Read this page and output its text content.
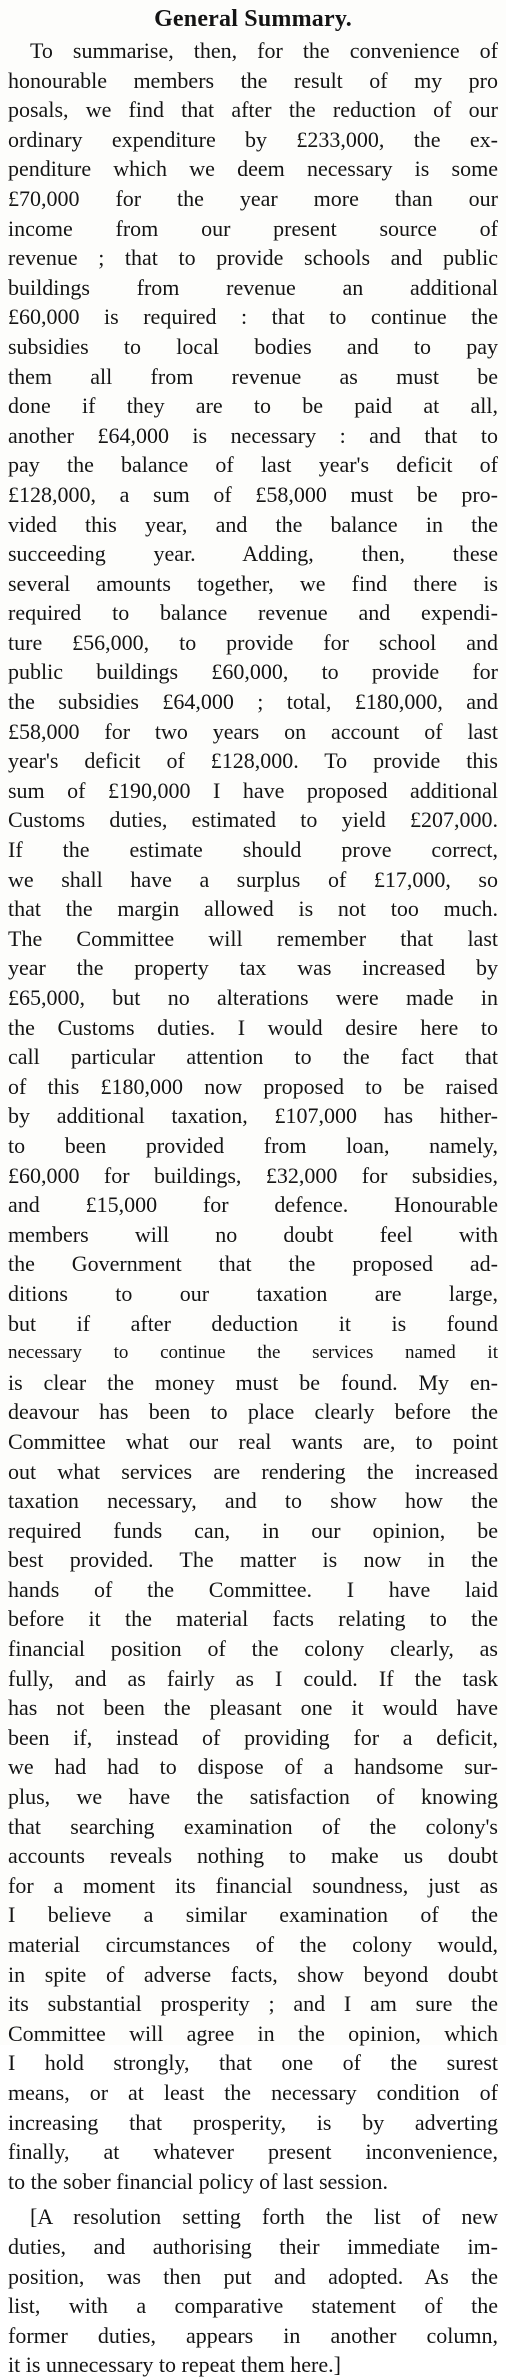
General Summary.
To summarise, then, for the convenience of
honourable members the result of my pro
posals, we find that after the reduction of our
ordinary expenditure by £233,000, the ex-
penditure which we deem necessary is some
£70,000 for the year more than our
income from our present source of
revenue ; that to provide schools and public
buildings from revenue an additional
£60,000 is required : that to continue the
subsidies to local bodies and to pay
them all from revenue as must be
done if they are to be paid at all,
another £64,000 is necessary : and that to
pay the balance of last year's deficit of
£128,000, a sum of £58,000 must be pro-
vided this year, and the balance in the
succeeding year. Adding, then, these
several amounts together, we find there is
required to balance revenue and expendi-
ture £56,000, to provide for school and
public buildings £60,000, to provide for
the subsidies £64,000 ; total, £180,000, and
£58,000 for two years on account of last
year's deficit of £128,000. To provide this
sum of £190,000 I have proposed additional
Customs duties, estimated to yield £207,000.
If the estimate should prove correct,
we shall have a surplus of £17,000, so
that the margin allowed is not too much.
The Committee will remember that last
year the property tax was increased by
£65,000, but no alterations were made in
the Customs duties. I would desire here to
call particular attention to the fact that
of this £180,000 now proposed to be raised
by additional taxation, £107,000 has hither-
to been provided from loan, namely,
£60,000 for buildings, £32,000 for subsidies,
and £15,000 for defence. Honourable
members will no doubt feel with
the Government that the proposed ad-
ditions to our taxation are large,
but if after deduction it is found
necessary to continue the services named it
is clear the money must be found. My en-
deavour has been to place clearly before the
Committee what our real wants are, to point
out what services are rendering the increased
taxation necessary, and to show how the
required funds can, in our opinion, be
best provided. The matter is now in the
hands of the Committee. I have laid
before it the material facts relating to the
financial position of the colony clearly, as
fully, and as fairly as I could. If the task
has not been the pleasant one it would have
been if, instead of providing for a deficit,
we had had to dispose of a handsome sur-
plus, we have the satisfaction of knowing
that searching examination of the colony's
accounts reveals nothing to make us doubt
for a moment its financial soundness, just as
I believe a similar examination of the
material circumstances of the colony would,
in spite of adverse facts, show beyond doubt
its substantial prosperity ; and I am sure the
Committee will agree in the opinion, which
I hold strongly, that one of the surest
means, or at least the necessary condition of
increasing that prosperity, is by adverting
finally, at whatever present inconvenience,
to the sober financial policy of last session.
[A resolution setting forth the list of new
duties, and authorising their immediate im-
position, was then put and adopted. As the
list, with a comparative statement of the
former duties, appears in another column,
it is unnecessary to repeat them here.]
